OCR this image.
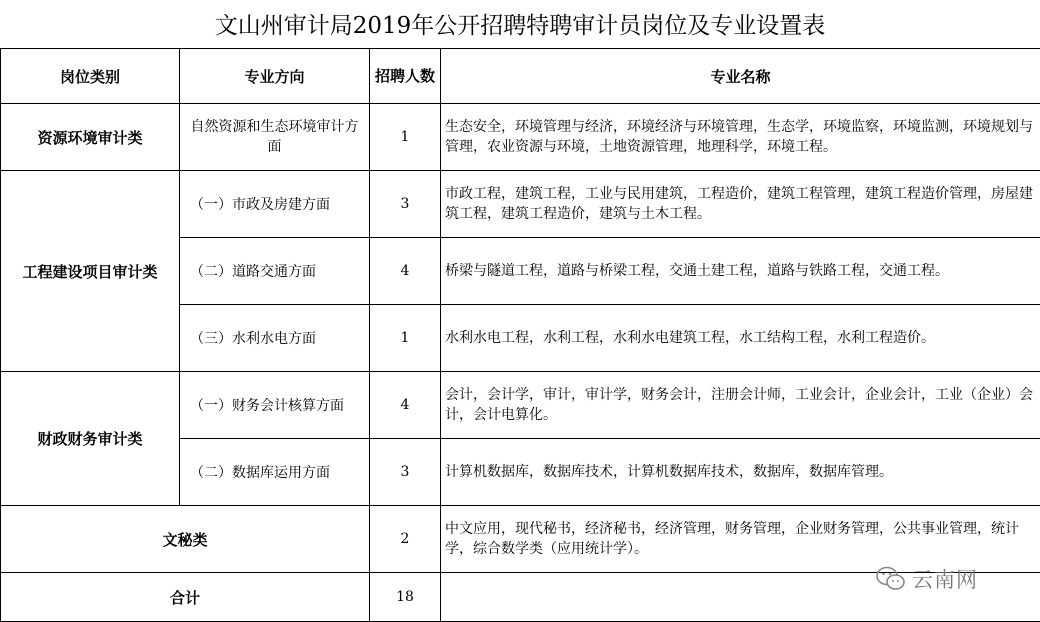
文山州审计局2019年公开招聘特聘审计员岗位及专业设置表
岗位类别	专业方向	招聘人数	专业名称
资源环境审计类	自然资源和生态环境审计方面	1	生态安全，环境管理与经济，环境经济与环境管理，生态学，环境监察，环境监测，环境规划与管理，农业资源与环境，土地资源管理，地理科学，环境工程。
工程建设项目审计类	（一）市政及房建方面	3	市政工程，建筑工程，工业与民用建筑，工程造价，建筑工程管理，建筑工程造价管理，房屋建筑工程，建筑工程造价，建筑与土木工程。
	（二）道路交通方面	4	桥梁与隧道工程，道路与桥梁工程，交通土建工程，道路与铁路工程，交通工程。
	（三）水利水电方面	1	水利水电工程，水利工程，水利水电建筑工程，水工结构工程，水利工程造价。
财政财务审计类	（一）财务会计核算方面	4	会计，会计学，审计，审计学，财务会计，注册会计师，工业会计，企业会计，工业（企业）会计，会计电算化。
	（二）数据库运用方面	3	计算机数据库，数据库技术，计算机数据库技术，数据库，数据库管理。
文秘类		2	中文应用，现代秘书，经济秘书，经济管理，财务管理，企业财务管理，公共事业管理，统计学，综合数学类（应用统计学）。
合计		18	
云南网
